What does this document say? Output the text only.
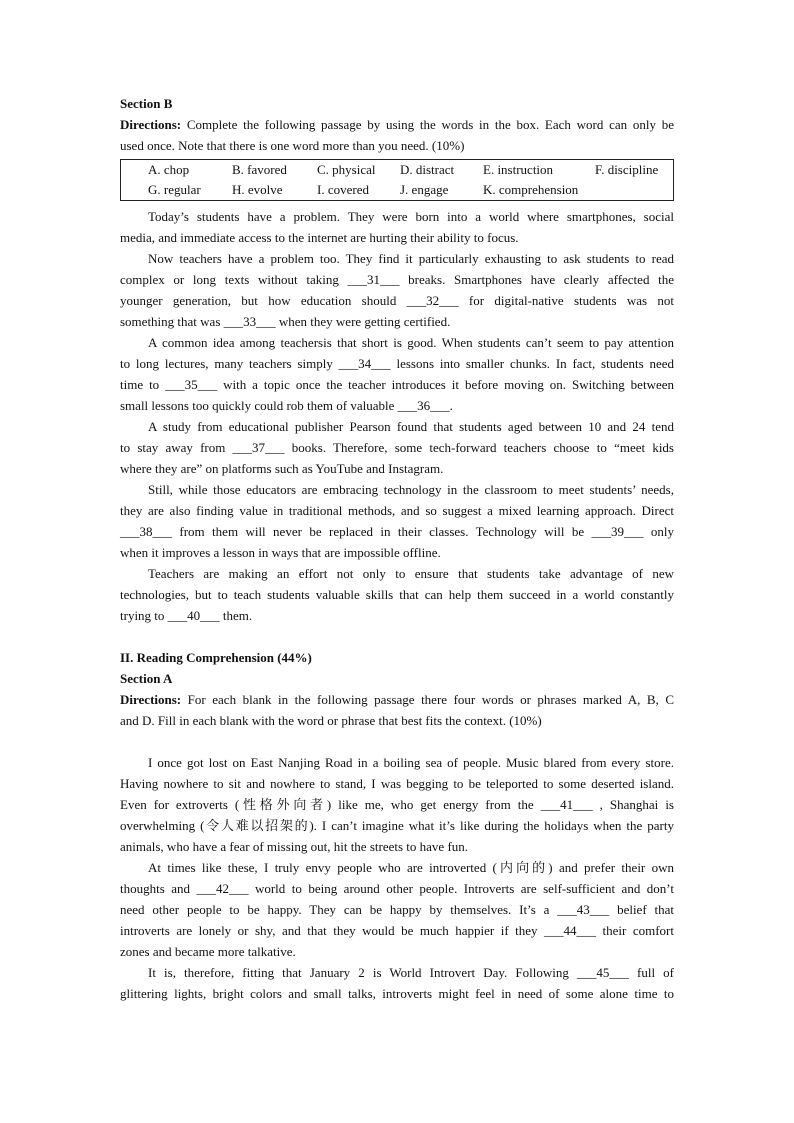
Section B
Directions: Complete the following passage by using the words in the box. Each word can only be
used once. Note that there is one word more than you need. (10%)
A. chop	B. favored C. physical D. distract E. instruction	F. discipline
G. regular H. evolve	I. covered J. engage	K. comprehension
Today’s students have a problem. They were born into a world where smartphones, social
media, and immediate access to the internet are hurting their ability to focus.
Now teachers have a problem too. They find it particularly exhausting to ask students to read
complex or long texts without taking ___31___ breaks. Smartphones have clearly affected the
younger generation, but how education should ___32___ for digital-native students was not
something that was ___33___ when they were getting certified.
A common idea among teachersis that short is good. When students can’t seem to pay attention
to long lectures, many teachers simply ___34___ lessons into smaller chunks. In fact, students need
time to ___35___ with a topic once the teacher introduces it before moving on. Switching between
small lessons too quickly could rob them of valuable ___36___.
A study from educational publisher Pearson found that students aged between 10 and 24 tend
to stay away from ___37___ books. Therefore, some tech-forward teachers choose to “meet kids
where they are” on platforms such as YouTube and Instagram.
Still, while those educators are embracing technology in the classroom to meet students’ needs,
they are also finding value in traditional methods, and so suggest a mixed learning approach. Direct
___38___ from them will never be replaced in their classes. Technology will be ___39___ only
when it improves a lesson in ways that are impossible offline.
Teachers are making an effort not only to ensure that students take advantage of new
technologies, but to teach students valuable skills that can help them succeed in a world constantly
trying to ___40___ them.
II. Reading Comprehension (44%)
Section A
Directions: For each blank in the following passage there four words or phrases marked A, B, C
and D. Fill in each blank with the word or phrase that best fits the context. (10%)
I once got lost on East Nanjing Road in a boiling sea of people. Music blared from every store.
Having nowhere to sit and nowhere to stand, I was begging to be teleported to some deserted island.
Even for extroverts (性格外向者) like me, who get energy from the ___41___ , Shanghai is
overwhelming (令人难以招架的). I can’t imagine what it’s like during the holidays when the party
animals, who have a fear of missing out, hit the streets to have fun.
At times like these, I truly envy people who are introverted (内向的) and prefer their own
thoughts and ___42___ world to being around other people. Introverts are self-sufficient and don’t
need other people to be happy. They can be happy by themselves. It’s a ___43___ belief that
introverts are lonely or shy, and that they would be much happier if they ___44___ their comfort
zones and became more talkative.
It is, therefore, fitting that January 2 is World Introvert Day. Following ___45___ full of
glittering lights, bright colors and small talks, introverts might feel in need of some alone time to
